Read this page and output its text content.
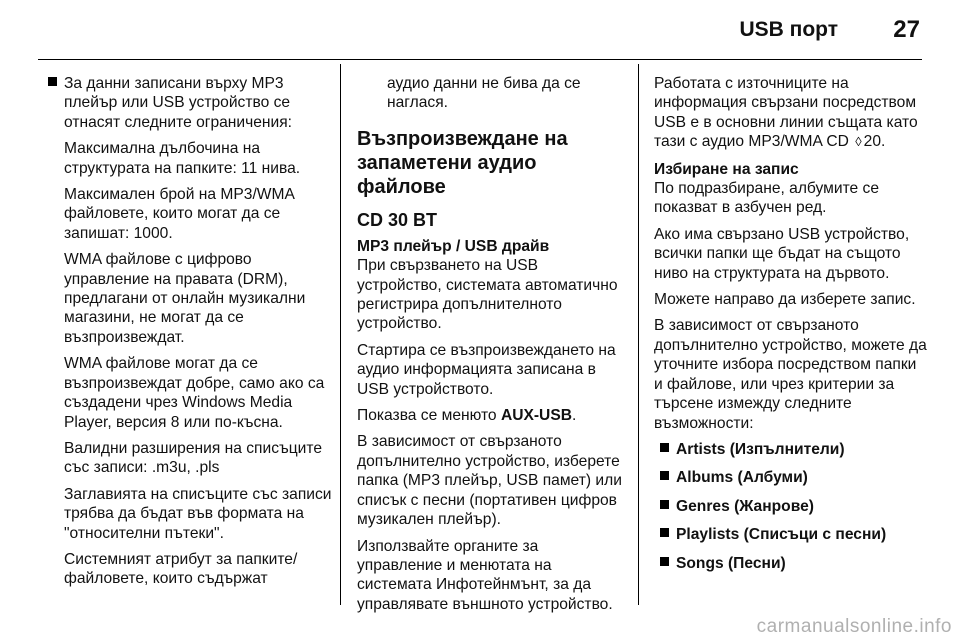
USB порт 27
За данни записани върху MP3 плейър или USB устройство се отнасят следните ограничения:

Максимална дълбочина на структурата на папките: 11 нива.

Максимален брой на MP3/WMA файловете, които могат да се запишат: 1000.

WMA файлове с цифрово управление на правата (DRM), предлагани от онлайн музикални магазини, не могат да се възпроизвеждат.

WMA файлове могат да се възпроизвеждат добре, само ако са създадени чрез Windows Media Player, версия 8 или по-късна.

Валидни разширения на списъците със записи: .m3u, .pls

Заглавията на списъците със записи трябва да бъдат във формата на "относителни пътеки".

Системният атрибут за папките/файловете, които съдържат

аудио данни не бива да се наглася.

Възпроизвеждане на запаметени аудио файлове
CD 30 BT
MP3 плейър / USB драйв

При свързването на USB устройство, системата автоматично регистрира допълнителното устройство.

Стартира се възпроизвеждането на аудио информацията записана в USB устройството.

Показва се менюто AUX-USB.

В зависимост от свързаното допълнително устройство, изберете папка (MP3 плейър, USB памет) или списък с песни (портативен цифров музикален плейър).

Използвайте органите за управление и менютата на системата Инфотейнмънт, за да управлявате външното устройство.

Работата с източниците на информация свързани посредством USB е в основни линии същата като тази с аудио MP3/WMA CD ◊ 20.

Избиране на запис

По подразбиране, албумите се показват в азбучен ред.

Ако има свързано USB устройство, всички папки ще бъдат на същото ниво на структурата на дървото.

Можете направо да изберете запис.

В зависимост от свързаното допълнително устройство, можете да уточните избора посредством папки и файлове, или чрез критерии за търсене измежду следните възможности:

Artists (Изпълнители)
Albums (Албуми)
Genres (Жанрове)
Playlists (Списъци с песни)
Songs (Песни)
carmanualsonline.info
